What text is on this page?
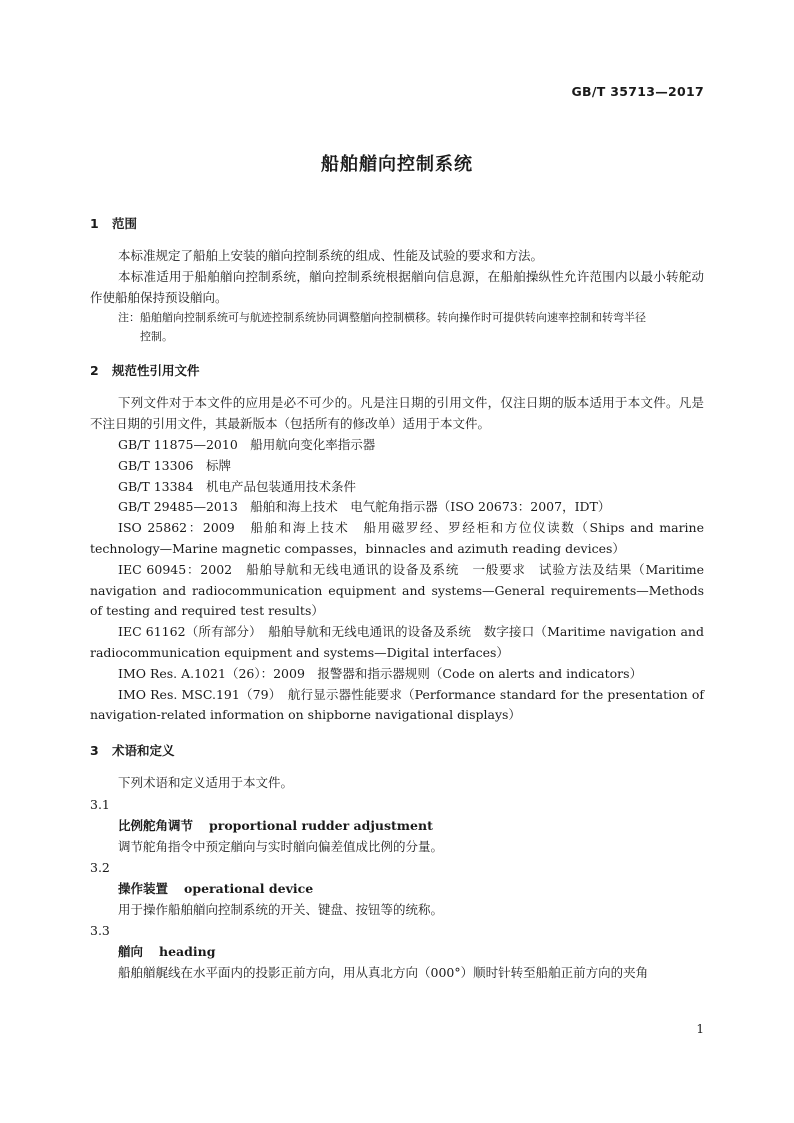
GB/T 35713—2017
船舶艏向控制系统
1 范围

本标准规定了船舶上安装的艏向控制系统的组成、性能及试验的要求和方法。

本标准适用于船舶艏向控制系统，艏向控制系统根据艏向信息源，在船舶操纵性允许范围内以最小转舵动作使船舶保持预设艏向。

注：船舶艏向控制系统可与航迹控制系统协同调整艏向控制横移。转向操作时可提供转向速率控制和转弯半径
控制。
2 规范性引用文件

下列文件对于本文件的应用是必不可少的。凡是注日期的引用文件，仅注日期的版本适用于本文件。凡是不注日期的引用文件，其最新版本（包括所有的修改单）适用于本文件。

GB/T 11875—2010　船用航向变化率指示器

GB/T 13306　标牌

GB/T 13384　机电产品包装通用技术条件

GB/T 29485—2013　船舶和海上技术　电气舵角指示器（ISO 20673：2007，IDT）

ISO 25862：2009　船舶和海上技术　船用磁罗经、罗经柜和方位仪读数（Ships and marine technology—Marine magnetic compasses，binnacles and azimuth reading devices）

IEC 60945：2002　船舶导航和无线电通讯的设备及系统　一般要求　试验方法及结果（Maritime navigation and radiocommunication equipment and systems—General requirements—Methods of testing and required test results）

IEC 61162（所有部分）　船舶导航和无线电通讯的设备及系统　数字接口（Maritime navigation and radiocommunication equipment and systems—Digital interfaces）

IMO Res. A.1021（26）：2009　报警器和指示器规则（Code on alerts and indicators）

IMO Res. MSC.191（79）　航行显示器性能要求（Performance standard for the presentation of navigation-related information on shipborne navigational displays）

3 术语和定义

下列术语和定义适用于本文件。

3.1
比例舵角调节 proportional rudder adjustment
调节舵角指令中预定艏向与实时艏向偏差值成比例的分量。
3.2
操作装置 operational device
用于操作船舶艏向控制系统的开关、键盘、按钮等的统称。
3.3
艏向 heading
船舶艏艉线在水平面内的投影正前方向，用从真北方向（000°）顺时针转至船舶正前方向的夹角
1
